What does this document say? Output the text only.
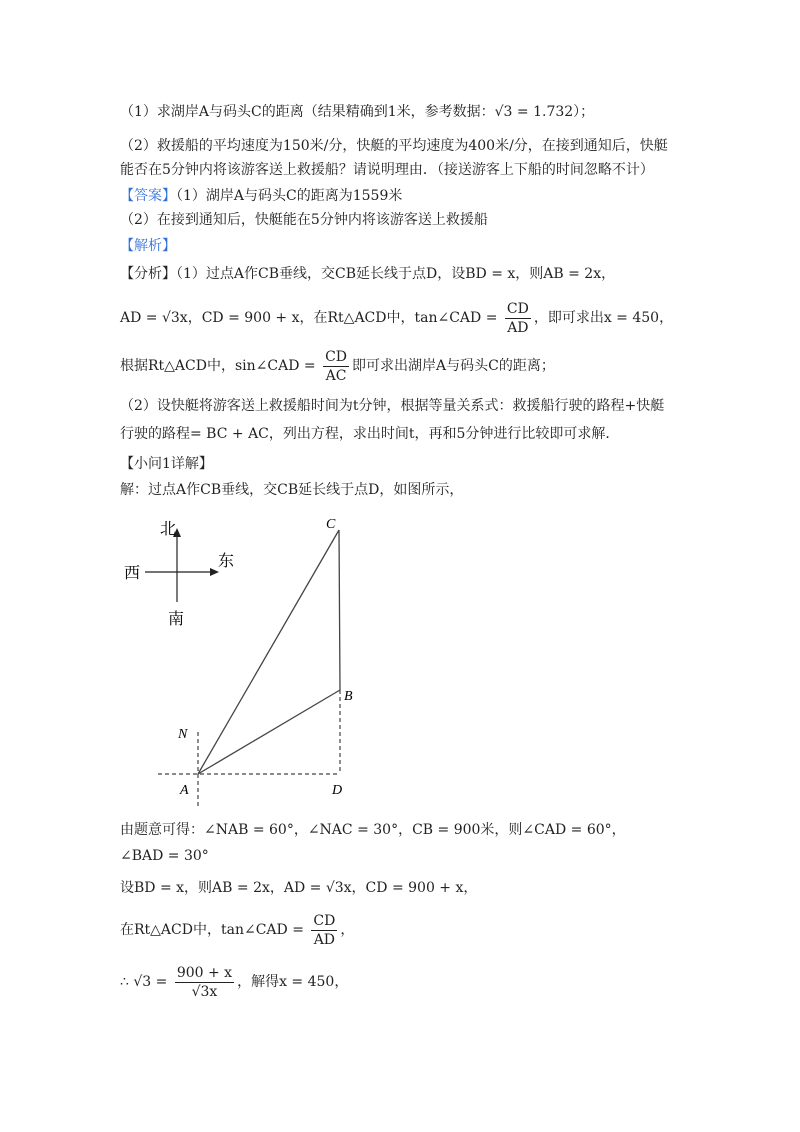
（1）求湖岸A与码头C的距离（结果精确到1米，参考数据：√3 = 1.732）；
（2）救援船的平均速度为150米/分，快艇的平均速度为400米/分，在接到通知后，快艇
能否在5分钟内将该游客送上救援船？请说明理由．（接送游客上下船的时间忽略不计）
【答案】（1）湖岸A与码头C的距离为1559米
（2）在接到通知后，快艇能在5分钟内将该游客送上救援船
【解析】
【分析】（1）过点A作CB垂线，交CB延长线于点D，设BD = x，则AB = 2x，
AD = √3x，CD = 900 + x，在Rt△ACD中，tan∠CAD = $\frac{CD}{AD}$ ，即可求出x = 450，
根据Rt△ACD中，sin∠CAD = $\frac{CD}{AC}$ 即可求出湖岸A与码头C的距离；
（2）设快艇将游客送上救援船时间为t分钟，根据等量关系式：救援船行驶的路程+快艇
行驶的路程= BC + AC，列出方程，求出时间t，再和5分钟进行比较即可求解．
【小问1详解】
解：过点A作CB垂线，交CB延长线于点D，如图所示，
北
西
东
南
C
B
N
A	D
由题意可得：∠NAB = 60°，∠NAC = 30°，CB = 900米，则∠CAD = 60°，
∠BAD = 30°
设BD = x，则AB = 2x，AD = √3x，CD = 900 + x，
在Rt△ACD中，tan∠CAD = $\frac{CD}{AD}$ ，
∴ $√3 = \frac{900 + x}{√3x}$ ，解得x = 450，
